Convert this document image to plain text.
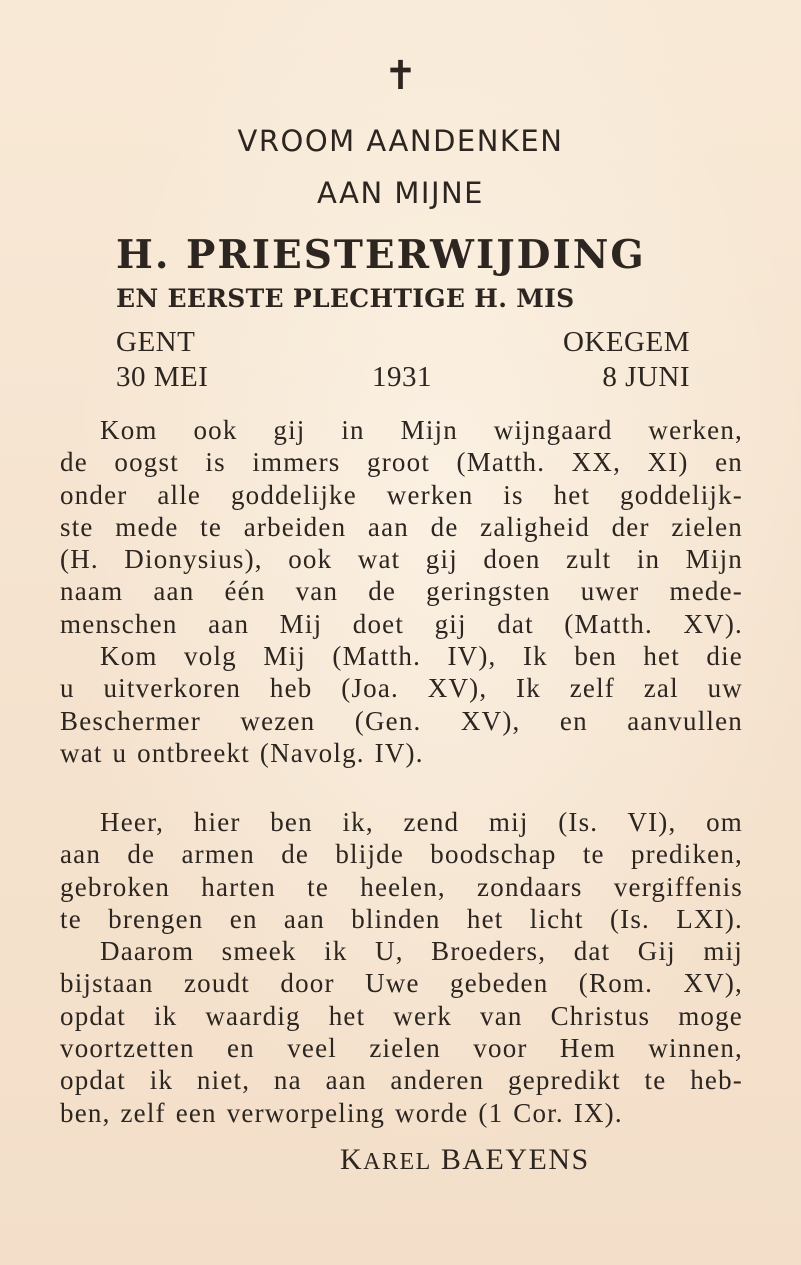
✝
VROOM AANDENKEN
AAN MIJNE
H. PRIESTERWIJDING
EN EERSTE PLECHTIGE H. MIS
GENT	OKEGEM
30 MEI	1931	8 JUNI

Kom ook gij in Mijn wijngaard werken,

de oogst is immers groot (Matth. XX, XI) en

onder alle goddelijke werken is het goddelijk-

ste mede te arbeiden aan de zaligheid der zielen

(H. Dionysius), ook wat gij doen zult in Mijn

naam aan één van de geringsten uwer mede-

menschen aan Mij doet gij dat (Matth. XV).

Kom volg Mij (Matth. IV), Ik ben het die

u uitverkoren heb (Joa. XV), Ik zelf zal uw

Beschermer wezen (Gen. XV), en aanvullen

wat u ontbreekt (Navolg. IV).

Heer, hier ben ik, zend mij (Is. VI), om

aan de armen de blijde boodschap te prediken,

gebroken harten te heelen, zondaars vergiffenis

te brengen en aan blinden het licht (Is. LXI).

Daarom smeek ik U, Broeders, dat Gij mij

bijstaan zoudt door Uwe gebeden (Rom. XV),

opdat ik waardig het werk van Christus moge

voortzetten en veel zielen voor Hem winnen,

opdat ik niet, na aan anderen gepredikt te heb-

ben, zelf een verworpeling worde (1 Cor. IX).

KAREL BAEYENS
